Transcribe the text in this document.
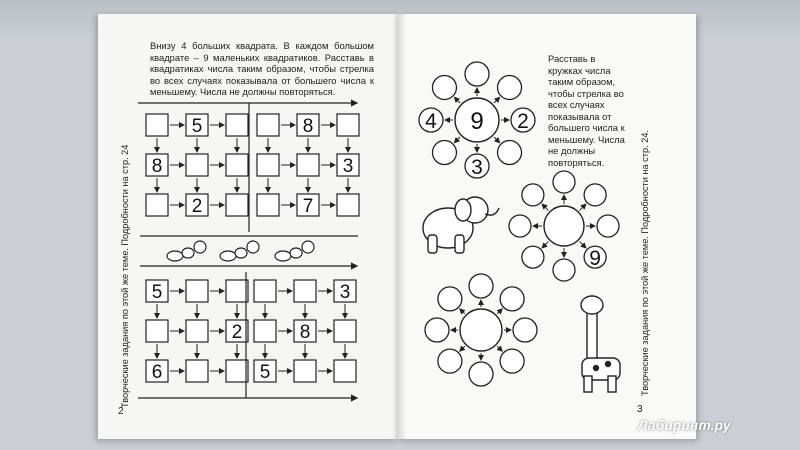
Внизу 4 больших квадрата. В каждом большом квадрате – 9 маленьких квадратиков. Расставь в квадратиках числа таким образом, чтобы стрелка во всех случаях показывала от большего числа к меньшему. Числа не должны повторяться.
Расставь в кружках числа таким образом, чтобы стрелка во всех случаях показывала от большего числа к меньшему. Числа не должны повторяться.
Творческие задания по этой же теме. Подробности на стр. 24	Творческие задания по этой же теме. Подробности на стр. 24.
2	3
Лабиринт.ру
5
8
2
8
3
7
5
2
6
3
8
5
9 2
3
4
9
